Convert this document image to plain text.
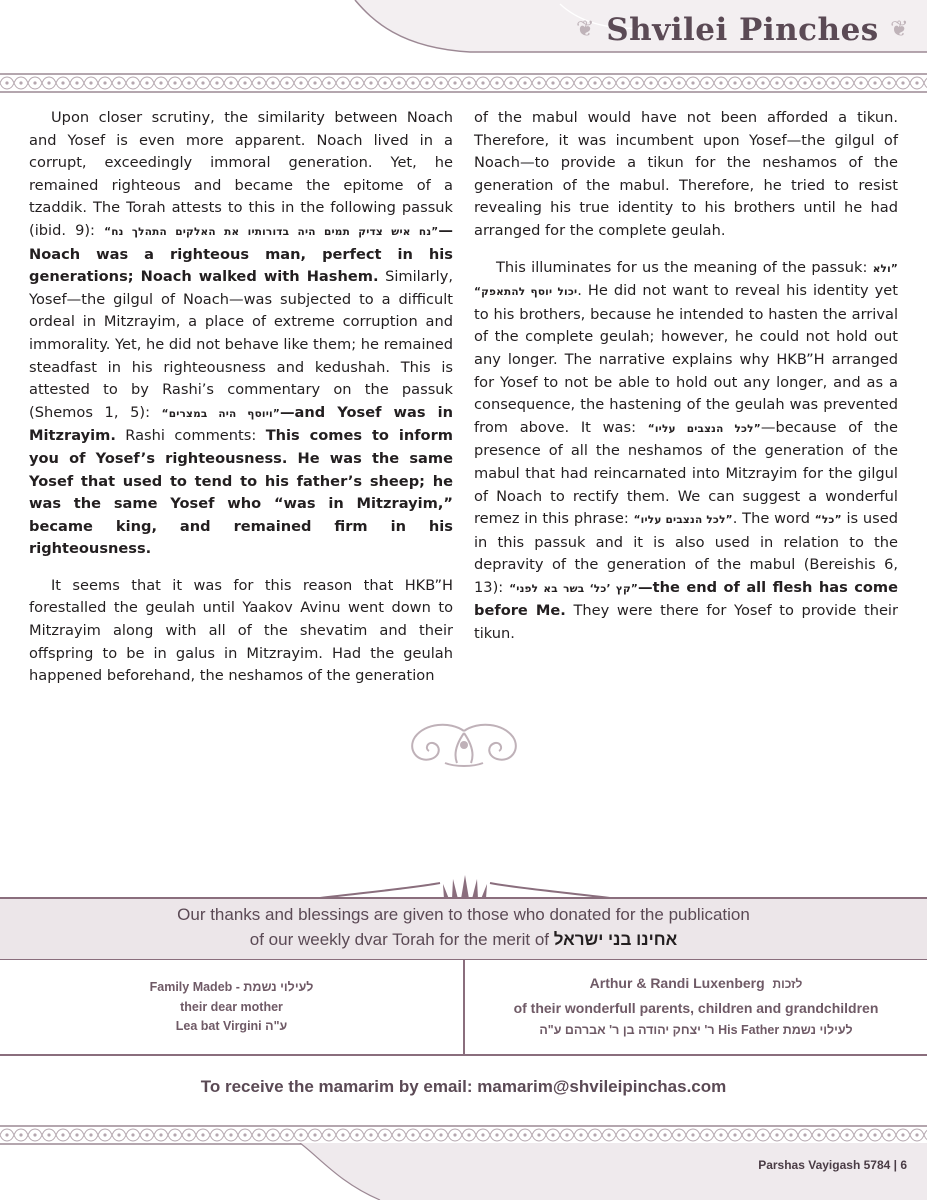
❦ Shvilei Pinches ❦

Upon closer scrutiny, the similarity between Noach and Yosef is even more apparent. Noach lived in a corrupt, exceedingly immoral generation. Yet, he remained righteous and became the epitome of a tzaddik. The Torah attests to this in the following passuk (ibid. 9): ”נח איש צדיק תמים היה בדורותיו את האלקים התהלך נח“—Noach was a righteous man, perfect in his generations; Noach walked with Hashem. Similarly, Yosef—the gilgul of Noach—was subjected to a difficult ordeal in Mitzrayim, a place of extreme corruption and immorality. Yet, he did not behave like them; he remained steadfast in his righteousness and kedushah. This is attested to by Rashi’s commentary on the passuk (Shemos 1, 5): ”ויוסף היה במצרים“—and Yosef was in Mitzrayim. Rashi comments: This comes to inform you of Yosef’s righteousness. He was the same Yosef that used to tend to his father’s sheep; he was the same Yosef who “was in Mitzrayim,” became king, and remained firm in his righteousness.

It seems that it was for this reason that HKB”H forestalled the geulah until Yaakov Avinu went down to Mitzrayim along with all of the shevatim and their offspring to be in galus in Mitzrayim. Had the geulah happened beforehand, the neshamos of the generation

of the mabul would have not been afforded a tikun. Therefore, it was incumbent upon Yosef—the gilgul of Noach—to provide a tikun for the neshamos of the generation of the mabul. Therefore, he tried to resist revealing his true identity to his brothers until he had arranged for the complete geulah.

This illuminates for us the meaning of the passuk: ”ולא יכול יוסף להתאפק“. He did not want to reveal his identity yet to his brothers, because he intended to hasten the arrival of the complete geulah; however, he could not hold out any longer. The narrative explains why HKB”H arranged for Yosef to not be able to hold out any longer, and as a consequence, the hastening of the geulah was prevented from above. It was: ”לכל הנצבים עליו“—because of the presence of all the neshamos of the generation of the mabul that had reincarnated into Mitzrayim for the gilgul of Noach to rectify them. We can suggest a wonderful remez in this phrase: ”לכל הנצבים עליו“. The word ”כל“ is used in this passuk and it is also used in relation to the depravity of the generation of the mabul (Bereishis 6, 13): ”קץ ’כל‘ בשר בא לפני“—the end of all flesh has come before Me. They were there for Yosef to provide their tikun.

Our thanks and blessings are given to those who donated for the publication
of our weekly dvar Torah for the merit of אחינו בני ישראל
Family Madeb - לעילוי נשמת
their dear mother
Lea bat Virgini ע"ה
Arthur & Randi Luxenberg לזכות
of their wonderfull parents, children and grandchildren
ר' יצחק יהודה בן ר' אברהם ע"ה His Father לעילוי נשמת
To receive the mamarim by email: mamarim@shvileipinchas.com
Parshas Vayigash 5784 | 6
